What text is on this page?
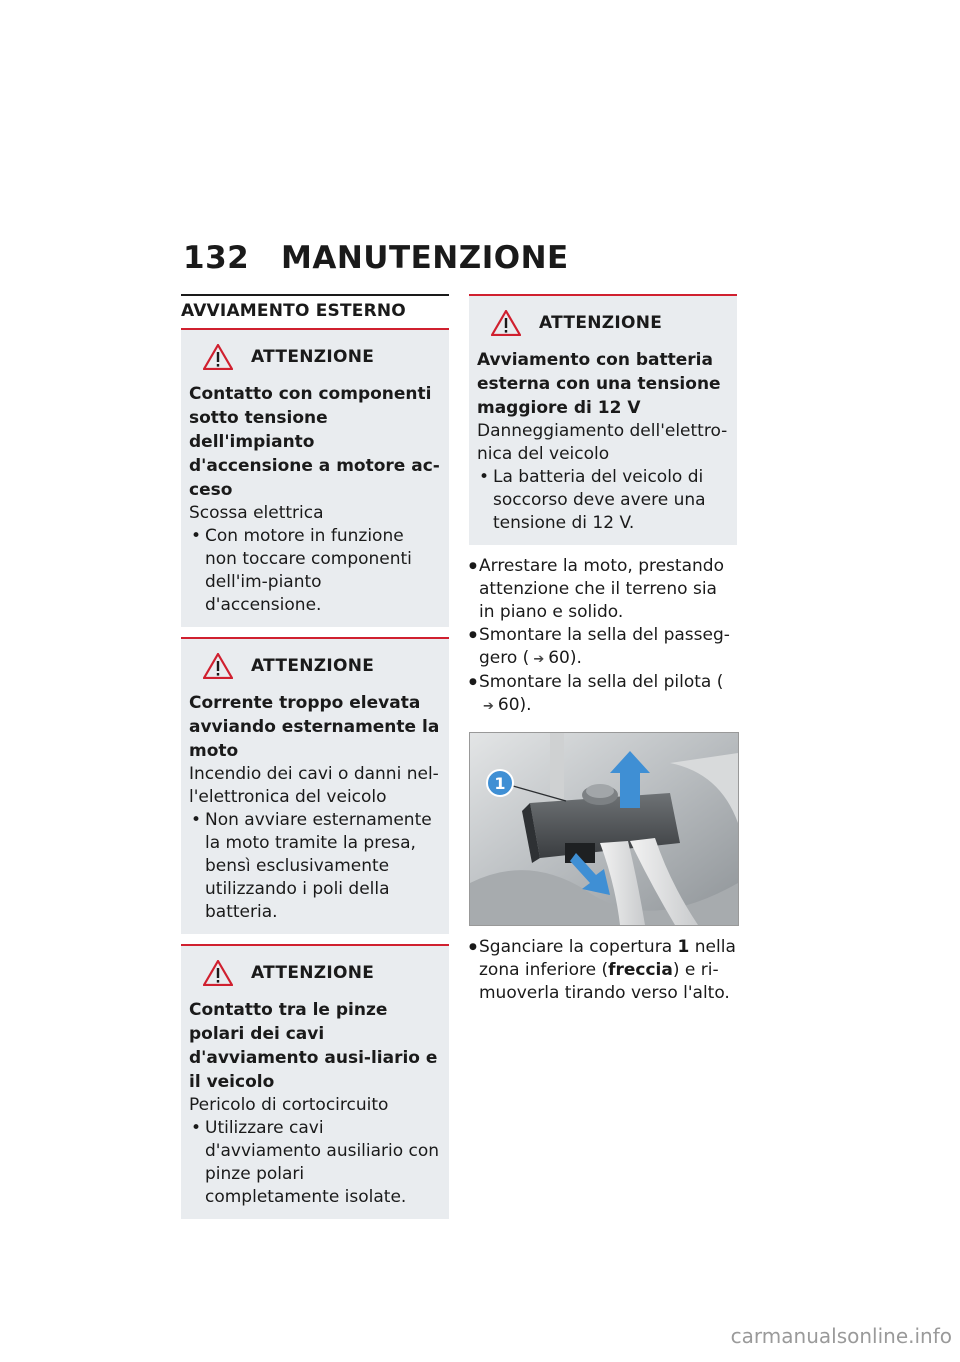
132 MANUTENZIONE
AVVIAMENTO ESTERNO
ATTENZIONE
Contatto con componenti sotto tensione dell'impianto d'accensione a motore ac-ceso
Scossa elettrica
• Con motore in funzione non toccare componenti dell'im-pianto d'accensione.
ATTENZIONE
Corrente troppo elevata avviando esternamente la moto
Incendio dei cavi o danni nel-l'elettronica del veicolo
• Non avviare esternamente la moto tramite la presa, bensì esclusivamente utilizzando i poli della batteria.
ATTENZIONE
Contatto tra le pinze polari dei cavi d'avviamento ausi-liario e il veicolo
Pericolo di cortocircuito
• Utilizzare cavi d'avviamento ausiliario con pinze polari completamente isolate.
ATTENZIONE
Avviamento con batteria esterna con una tensione maggiore di 12 V
Danneggiamento dell'elettro-nica del veicolo
• La batteria del veicolo di soccorso deve avere una tensione di 12 V.
● Arrestare la moto, prestando attenzione che il terreno sia in piano e solido.
● Smontare la sella del passeg-gero ( ➔ 60).
● Smontare la sella del pilota (➔ 60).
1
● Sganciare la copertura 1 nella zona inferiore (freccia) e ri-muoverla tirando verso l'alto.
carmanualsonline.info
